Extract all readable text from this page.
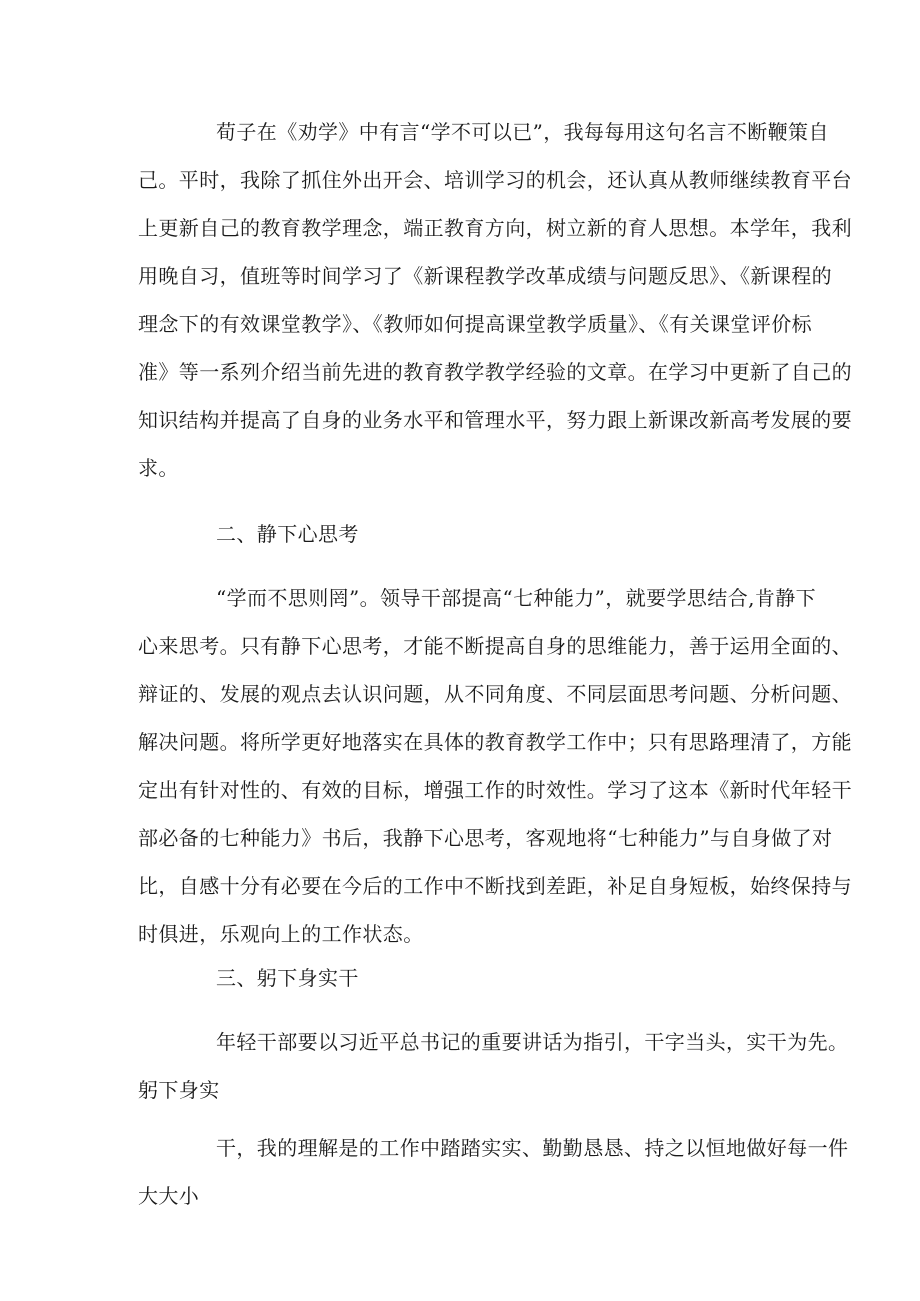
荀子在《劝学》中有言“学不可以已”，我每每用这句名言不断鞭策自
己。平时，我除了抓住外出开会、培训学习的机会，还认真从教师继续教育平台
上更新自己的教育教学理念，端正教育方向，树立新的育人思想。本学年，我利
用晚自习，值班等时间学习了《新课程教学改革成绩与问题反思》、《新课程的
理念下的有效课堂教学》、《教师如何提高课堂教学质量》、《有关课堂评价标
准》等一系列介绍当前先进的教育教学教学经验的文章。在学习中更新了自己的
知识结构并提高了自身的业务水平和管理水平，努力跟上新课改新高考发展的要
求。
二、静下心思考
“学而不思则罔”。领导干部提高“七种能力”，就要学思结合,肯静下
心来思考。只有静下心思考，才能不断提高自身的思维能力，善于运用全面的、
辩证的、发展的观点去认识问题，从不同角度、不同层面思考问题、分析问题、
解决问题。将所学更好地落实在具体的教育教学工作中；只有思路理清了，方能
定出有针对性的、有效的目标，增强工作的时效性。学习了这本《新时代年轻干
部必备的七种能力》书后，我静下心思考，客观地将“七种能力”与自身做了对
比，自感十分有必要在今后的工作中不断找到差距，补足自身短板，始终保持与
时俱进，乐观向上的工作状态。
三、躬下身实干
年轻干部要以习近平总书记的重要讲话为指引，干字当头，实干为先。
躬下身实
干，我的理解是的工作中踏踏实实、勤勤恳恳、持之以恒地做好每一件
大大小
